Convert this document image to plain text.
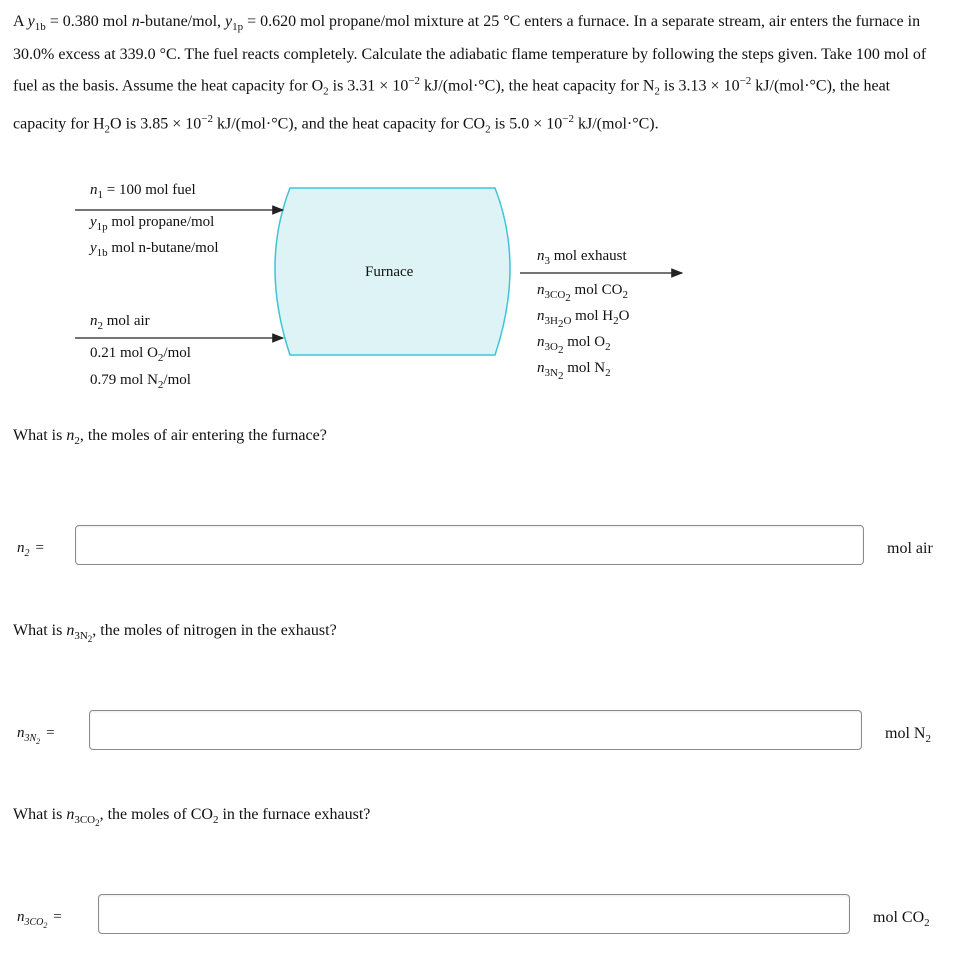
A $y_{1b} = 0.380$ mol n-butane/mol, $y_{1p} = 0.620$ mol propane/mol mixture at 25 °C enters a furnace. In a separate stream, air enters the furnace in 30.0% excess at 339.0 °C. The fuel reacts completely. Calculate the adiabatic flame temperature by following the steps given. Take 100 mol of fuel as the basis. Assume the heat capacity for $O_2$ is $3.31 \times 10^{-2}$ kJ/(mol·°C), the heat capacity for $N_2$ is $3.13 \times 10^{-2}$ kJ/(mol·°C), the heat capacity for $H_2O$ is $3.85 \times 10^{-2}$ kJ/(mol·°C), and the heat capacity for $CO_2$ is $5.0 \times 10^{-2}$ kJ/(mol·°C).
Furnace
$n_1 = 100$ mol fuel
$y_{1p}$ mol propane/mol
$y_{1b}$ mol n-butane/mol
$n_2$ mol air
0.21 mol $O_2$/mol
0.79 mol $N_2$/mol
$n_3$ mol exhaust
$n_{3CO_2}$ mol $CO_2$
$n_{3H_2O}$ mol $H_2O$
$n_{3O_2}$ mol $O_2$
$n_{3N_2}$ mol $N_2$
What is $n_2$, the moles of air entering the furnace?
$n_2$ =	mol air
What is $n_{3N_2}$, the moles of nitrogen in the exhaust?
$n_{3N_2}=$	mol $N_2$
What is $n_{3CO_2}$, the moles of $CO_2$ in the furnace exhaust?
$n_{3CO_2}=$	mol $CO_2$
